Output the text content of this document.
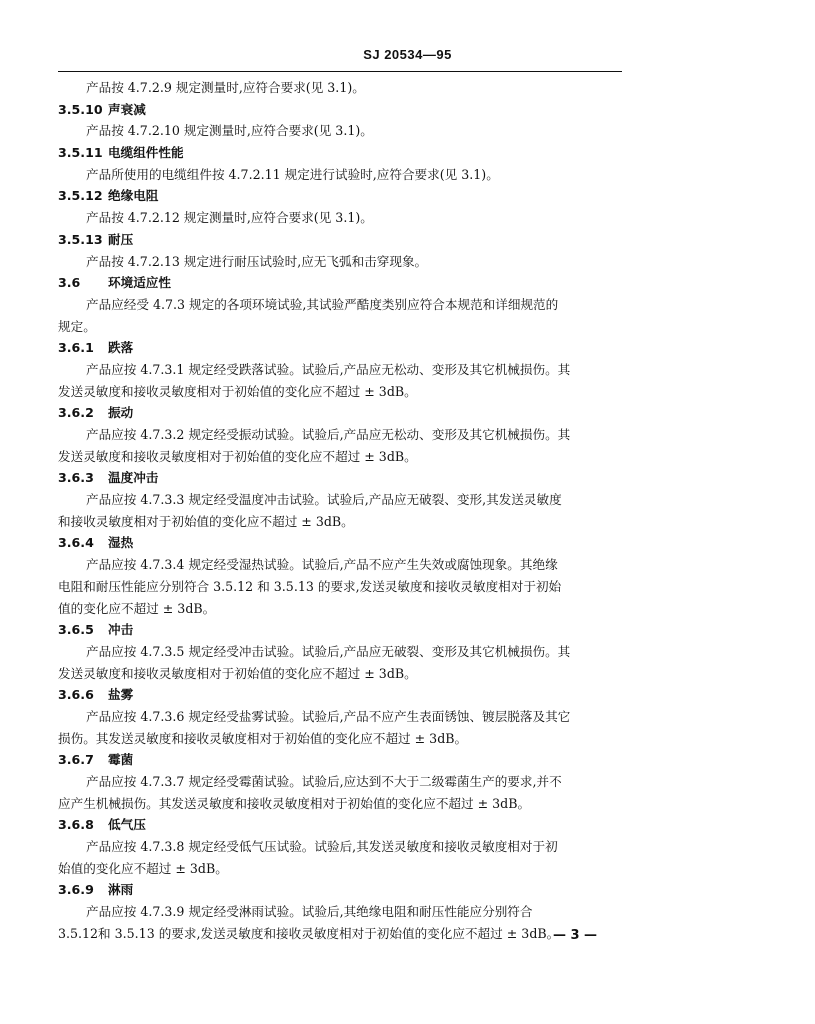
SJ 20534—95
产品按 4.7.2.9 规定测量时,应符合要求(见 3.1)。
3.5.10 声衰减
产品按 4.7.2.10 规定测量时,应符合要求(见 3.1)。
3.5.11 电缆组件性能
产品所使用的电缆组件按 4.7.2.11 规定进行试验时,应符合要求(见 3.1)。
3.5.12 绝缘电阻
产品按 4.7.2.12 规定测量时,应符合要求(见 3.1)。
3.5.13 耐压
产品按 4.7.2.13 规定进行耐压试验时,应无飞弧和击穿现象。
3.6 环境适应性
产品应经受 4.7.3 规定的各项环境试验,其试验严酷度类别应符合本规范和详细规范的
规定。
3.6.1 跌落
产品应按 4.7.3.1 规定经受跌落试验。试验后,产品应无松动、变形及其它机械损伤。其
发送灵敏度和接收灵敏度相对于初始值的变化应不超过 ± 3dB。
3.6.2 振动
产品应按 4.7.3.2 规定经受振动试验。试验后,产品应无松动、变形及其它机械损伤。其
发送灵敏度和接收灵敏度相对于初始值的变化应不超过 ± 3dB。
3.6.3 温度冲击
产品应按 4.7.3.3 规定经受温度冲击试验。试验后,产品应无破裂、变形,其发送灵敏度
和接收灵敏度相对于初始值的变化应不超过 ± 3dB。
3.6.4 湿热
产品应按 4.7.3.4 规定经受湿热试验。试验后,产品不应产生失效或腐蚀现象。其绝缘
电阻和耐压性能应分别符合 3.5.12 和 3.5.13 的要求,发送灵敏度和接收灵敏度相对于初始
值的变化应不超过 ± 3dB。
3.6.5 冲击
产品应按 4.7.3.5 规定经受冲击试验。试验后,产品应无破裂、变形及其它机械损伤。其
发送灵敏度和接收灵敏度相对于初始值的变化应不超过 ± 3dB。
3.6.6 盐雾
产品应按 4.7.3.6 规定经受盐雾试验。试验后,产品不应产生表面锈蚀、镀层脱落及其它
损伤。其发送灵敏度和接收灵敏度相对于初始值的变化应不超过 ± 3dB。
3.6.7 霉菌
产品应按 4.7.3.7 规定经受霉菌试验。试验后,应达到不大于二级霉菌生产的要求,并不
应产生机械损伤。其发送灵敏度和接收灵敏度相对于初始值的变化应不超过 ± 3dB。
3.6.8 低气压
产品应按 4.7.3.8 规定经受低气压试验。试验后,其发送灵敏度和接收灵敏度相对于初
始值的变化应不超过 ± 3dB。
3.6.9 淋雨
产品应按 4.7.3.9 规定经受淋雨试验。试验后,其绝缘电阻和耐压性能应分别符合
3.5.12和 3.5.13 的要求,发送灵敏度和接收灵敏度相对于初始值的变化应不超过 ± 3dB。
— 3 —
